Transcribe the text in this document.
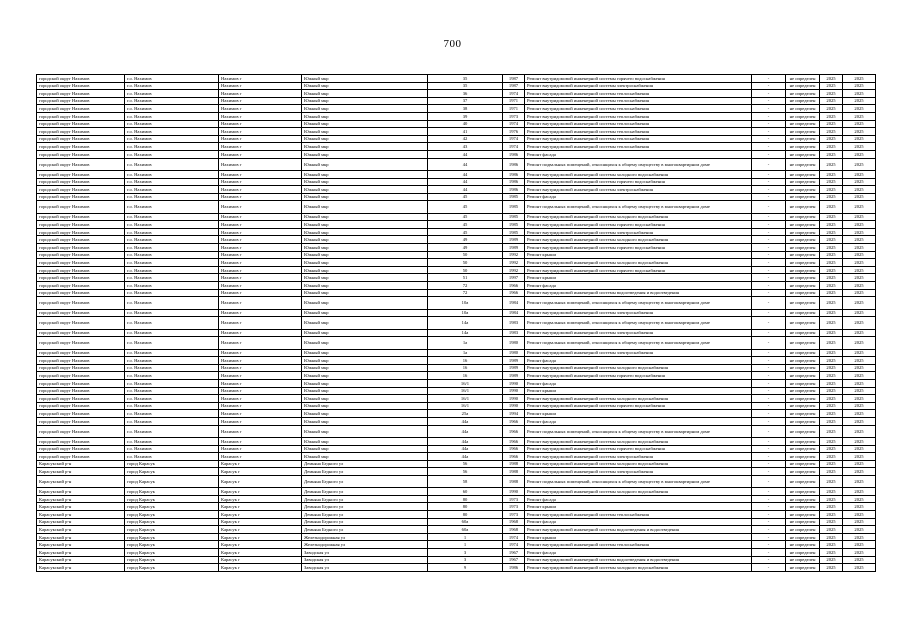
700
городской округ Нахимов	г.о. Нахимов	Нахимов г	Южный мкр	35	1987	Ремонт внутридомовой инженерной системы горячего водоснабжения	-	не определен	2025	2025
городской округ Нахимов	г.о. Нахимов	Нахимов г	Южный мкр	35	1987	Ремонт внутридомовой инженерной системы электроснабжения	-	не определен	2025	2025
городской округ Нахимов	г.о. Нахимов	Нахимов г	Южный мкр	36	1974	Ремонт внутридомовой инженерной системы теплоснабжения	-	не определен	2025	2025
городской округ Нахимов	г.о. Нахимов	Нахимов г	Южный мкр	37	1971	Ремонт внутридомовой инженерной системы теплоснабжения	-	не определен	2025	2025
городской округ Нахимов	г.о. Нахимов	Нахимов г	Южный мкр	38	1971	Ремонт внутридомовой инженерной системы теплоснабжения	-	не определен	2025	2025
городской округ Нахимов	г.о. Нахимов	Нахимов г	Южный мкр	39	1973	Ремонт внутридомовой инженерной системы теплоснабжения	-	не определен	2025	2025
городской округ Нахимов	г.о. Нахимов	Нахимов г	Южный мкр	40	1974	Ремонт внутридомовой инженерной системы теплоснабжения	-	не определен	2025	2025
городской округ Нахимов	г.о. Нахимов	Нахимов г	Южный мкр	41	1976	Ремонт внутридомовой инженерной системы теплоснабжения	-	не определен	2025	2025
городской округ Нахимов	г.о. Нахимов	Нахимов г	Южный мкр	42	1974	Ремонт внутридомовой инженерной системы теплоснабжения	-	не определен	2025	2025
городской округ Нахимов	г.о. Нахимов	Нахимов г	Южный мкр	43	1974	Ремонт внутридомовой инженерной системы теплоснабжения	-	не определен	2025	2025
городской округ Нахимов	г.о. Нахимов	Нахимов г	Южный мкр	44	1986	Ремонт фасада	-	не определен	2025	2025
городской округ Нахимов	г.о. Нахимов	Нахимов г	Южный мкр	44	1986	Ремонт подвальных помещений, относящихся к общему имуществу в многоквартирном доме	-	не определен	2025	2025
городской округ Нахимов	г.о. Нахимов	Нахимов г	Южный мкр	44	1986	Ремонт внутридомовой инженерной системы холодного водоснабжения	-	не определен	2025	2025
городской округ Нахимов	г.о. Нахимов	Нахимов г	Южный мкр	44	1986	Ремонт внутридомовой инженерной системы горячего водоснабжения	-	не определен	2025	2025
городской округ Нахимов	г.о. Нахимов	Нахимов г	Южный мкр	44	1986	Ремонт внутридомовой инженерной системы электроснабжения	-	не определен	2025	2025
городской округ Нахимов	г.о. Нахимов	Нахимов г	Южный мкр	45	1985	Ремонт фасада	-	не определен	2025	2025
городской округ Нахимов	г.о. Нахимов	Нахимов г	Южный мкр	45	1985	Ремонт подвальных помещений, относящихся к общему имуществу в многоквартирном доме	-	не определен	2025	2025
городской округ Нахимов	г.о. Нахимов	Нахимов г	Южный мкр	45	1985	Ремонт внутридомовой инженерной системы холодного водоснабжения	-	не определен	2025	2025
городской округ Нахимов	г.о. Нахимов	Нахимов г	Южный мкр	45	1985	Ремонт внутридомовой инженерной системы горячего водоснабжения	-	не определен	2025	2025
городской округ Нахимов	г.о. Нахимов	Нахимов г	Южный мкр	45	1985	Ремонт внутридомовой инженерной системы электроснабжения	-	не определен	2025	2025
городской округ Нахимов	г.о. Нахимов	Нахимов г	Южный мкр	49	1989	Ремонт внутридомовой инженерной системы холодного водоснабжения	-	не определен	2025	2025
городской округ Нахимов	г.о. Нахимов	Нахимов г	Южный мкр	49	1989	Ремонт внутридомовой инженерной системы горячего водоснабжения	-	не определен	2025	2025
городской округ Нахимов	г.о. Нахимов	Нахимов г	Южный мкр	50	1992	Ремонт крыши	-	не определен	2025	2025
городской округ Нахимов	г.о. Нахимов	Нахимов г	Южный мкр	50	1992	Ремонт внутридомовой инженерной системы холодного водоснабжения	-	не определен	2025	2025
городской округ Нахимов	г.о. Нахимов	Нахимов г	Южный мкр	50	1992	Ремонт внутридомовой инженерной системы горячего водоснабжения	-	не определен	2025	2025
городской округ Нахимов	г.о. Нахимов	Нахимов г	Южный мкр	51	1997	Ремонт крыши	-	не определен	2025	2025
городской округ Нахимов	г.о. Нахимов	Нахимов г	Южный мкр	72	1966	Ремонт фасада	-	не определен	2025	2025
городской округ Нахимов	г.о. Нахимов	Нахимов г	Южный мкр	72	1966	Ремонт внутридомовой инженерной системы водоотведения и водоотведения	-	не определен	2025	2025
городской округ Нахимов	г.о. Нахимов	Нахимов г	Южный мкр	10а	1984	Ремонт подвальных помещений, относящихся к общему имуществу в многоквартирном доме	-	не определен	2025	2025
городской округ Нахимов	г.о. Нахимов	Нахимов г	Южный мкр	10а	1984	Ремонт внутридомовой инженерной системы электроснабжения	-	не определен	2025	2025
городской округ Нахимов	г.о. Нахимов	Нахимов г	Южный мкр	14а	1983	Ремонт подвальных помещений, относящихся к общему имуществу в многоквартирном доме	-	не определен	2025	2025
городской округ Нахимов	г.о. Нахимов	Нахимов г	Южный мкр	14а	1983	Ремонт внутридомовой инженерной системы электроснабжения	-	не определен	2025	2025
городской округ Нахимов	г.о. Нахимов	Нахимов г	Южный мкр	1а	1980	Ремонт подвальных помещений, относящихся к общему имуществу в многоквартирном доме	-	не определен	2025	2025
городской округ Нахимов	г.о. Нахимов	Нахимов г	Южный мкр	1а	1980	Ремонт внутридомовой инженерной системы электроснабжения	-	не определен	2025	2025
городской округ Нахимов	г.о. Нахимов	Нахимов г	Южный мкр	16	1989	Ремонт фасада	-	не определен	2025	2025
городской округ Нахимов	г.о. Нахимов	Нахимов г	Южный мкр	16	1989	Ремонт внутридомовой инженерной системы холодного водоснабжения	-	не определен	2025	2025
городской округ Нахимов	г.о. Нахимов	Нахимов г	Южный мкр	16	1989	Ремонт внутридомовой инженерной системы горячего водоснабжения	-	не определен	2025	2025
городской округ Нахимов	г.о. Нахимов	Нахимов г	Южный мкр	16/1	1990	Ремонт фасада	-	не определен	2025	2025
городской округ Нахимов	г.о. Нахимов	Нахимов г	Южный мкр	16/1	1990	Ремонт крыши	-	не определен	2025	2025
городской округ Нахимов	г.о. Нахимов	Нахимов г	Южный мкр	16/1	1990	Ремонт внутридомовой инженерной системы холодного водоснабжения	-	не определен	2025	2025
городской округ Нахимов	г.о. Нахимов	Нахимов г	Южный мкр	16/1	1990	Ремонт внутридомовой инженерной системы горячего водоснабжения	-	не определен	2025	2025
городской округ Нахимов	г.о. Нахимов	Нахимов г	Южный мкр	25а	1994	Ремонт крыши	-	не определен	2025	2025
городской округ Нахимов	г.о. Нахимов	Нахимов г	Южный мкр	44а	1966	Ремонт фасада	-	не определен	2025	2025
городской округ Нахимов	г.о. Нахимов	Нахимов г	Южный мкр	44а	1966	Ремонт подвальных помещений, относящихся к общему имуществу в многоквартирном доме	-	не определен	2025	2025
городской округ Нахимов	г.о. Нахимов	Нахимов г	Южный мкр	44а	1966	Ремонт внутридомовой инженерной системы холодного водоснабжения	-	не определен	2025	2025
городской округ Нахимов	г.о. Нахимов	Нахимов г	Южный мкр	44а	1966	Ремонт внутридомовой инженерной системы горячего водоснабжения	-	не определен	2025	2025
городской округ Нахимов	г.о. Нахимов	Нахимов г	Южный мкр	44а	1966	Ремонт внутридомовой инженерной системы электроснабжения	-	не определен	2025	2025
Карасукский р-н	город Карасук	Карасук г	Демьяна Бедного ул	56	1988	Ремонт внутридомовой инженерной системы холодного водоснабжения	-	не определен	2025	2025
Карасукский р-н	город Карасук	Карасук г	Демьяна Бедного ул	56	1988	Ремонт внутридомовой инженерной системы электроснабжения	-	не определен	2025	2025
Карасукский р-н	город Карасук	Карасук г	Демьяна Бедного ул	58	1988	Ремонт подвальных помещений, относящихся к общему имуществу в многоквартирном доме	-	не определен	2025	2025
Карасукский р-н	город Карасук	Карасук г	Демьяна Бедного ул	60	1990	Ремонт внутридомовой инженерной системы холодного водоснабжения	-	не определен	2025	2025
Карасукский р-н	город Карасук	Карасук г	Демьяна Бедного ул	80	1973	Ремонт фасада	-	не определен	2025	2025
Карасукский р-н	город Карасук	Карасук г	Демьяна Бедного ул	80	1973	Ремонт крыши	-	не определен	2025	2025
Карасукский р-н	город Карасук	Карасук г	Демьяна Бедного ул	80	1973	Ремонт внутридомовой инженерной системы теплоснабжения	-	не определен	2025	2025
Карасукский р-н	город Карасук	Карасук г	Демьяна Бедного ул	60а	1968	Ремонт фасада	-	не определен	2025	2025
Карасукский р-н	город Карасук	Карасук г	Демьяна Бедного ул	60а	1968	Ремонт внутридомовой инженерной системы водоотведения и водоотведения	-	не определен	2025	2025
Карасукский р-н	город Карасук	Карасук г	Железнодорожная ул	1	1974	Ремонт крыши	-	не определен	2025	2025
Карасукский р-н	город Карасук	Карасук г	Железнодорожная ул	1	1974	Ремонт внутридомовой инженерной системы теплоснабжения	-	не определен	2025	2025
Карасукский р-н	город Карасук	Карасук г	Заводская ул	3	1967	Ремонт фасада	-	не определен	2025	2025
Карасукский р-н	город Карасук	Карасук г	Заводская ул	3	1967	Ремонт внутридомовой инженерной системы водоотведения и водоотведения	-	не определен	2025	2025
Карасукский р-н	город Карасук	Карасук г	Заводская ул	9	1986	Ремонт внутридомовой инженерной системы холодного водоснабжения	-	не определен	2025	2025
